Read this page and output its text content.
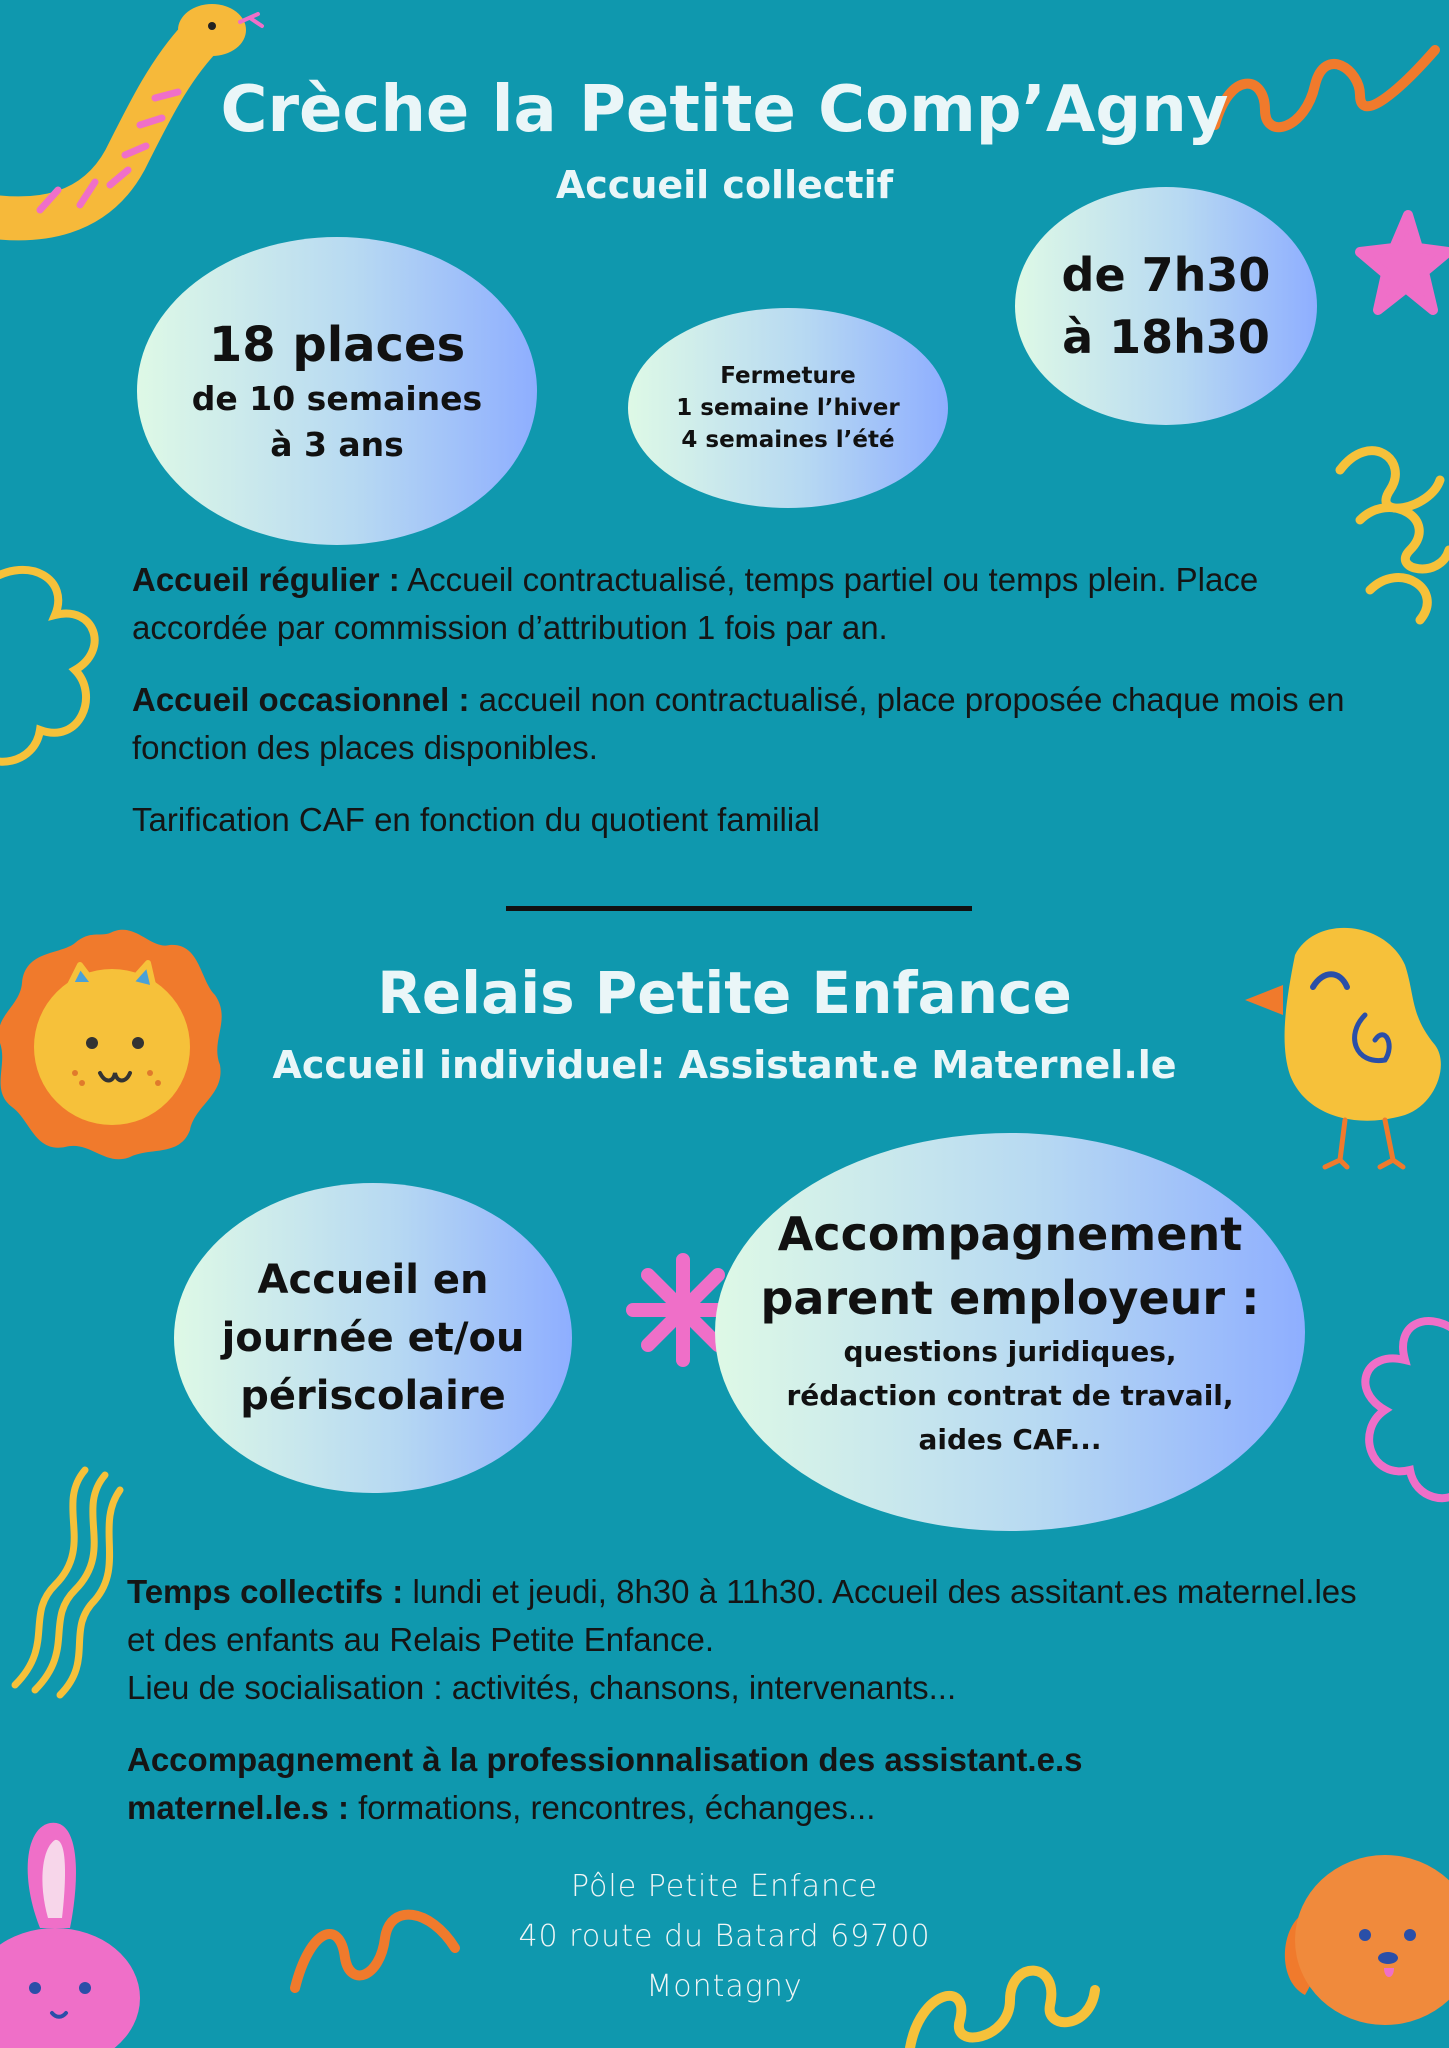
Crèche la Petite Comp’Agny
Accueil collectif
18 places
de 10 semaines
à 3 ans
Fermeture
1 semaine l’hiver
4 semaines l’été
de 7h30
à 18h30

Accueil régulier : Accueil contractualisé, temps partiel ou temps plein. Place accordée par commission d’attribution 1 fois par an.

Accueil occasionnel : accueil non contractualisé, place proposée chaque mois en fonction des places disponibles.

Tarification CAF en fonction du quotient familial

Relais Petite Enfance
Accueil individuel: Assistant.e Maternel.le
Accueil en
journée et/ou
périscolaire
Accompagnement
parent employeur :
questions juridiques,
rédaction contrat de travail,
aides CAF...
Temps collectifs : lundi et jeudi, 8h30 à 11h30. Accueil des assitant.es maternel.les et des enfants au Relais Petite Enfance.
Lieu de socialisation : activités, chansons, intervenants...

Accompagnement à la professionnalisation des assistant.e.s maternel.le.s : formations, rencontres, échanges...

Pôle Petite Enfance
40 route du Batard 69700
Montagny
